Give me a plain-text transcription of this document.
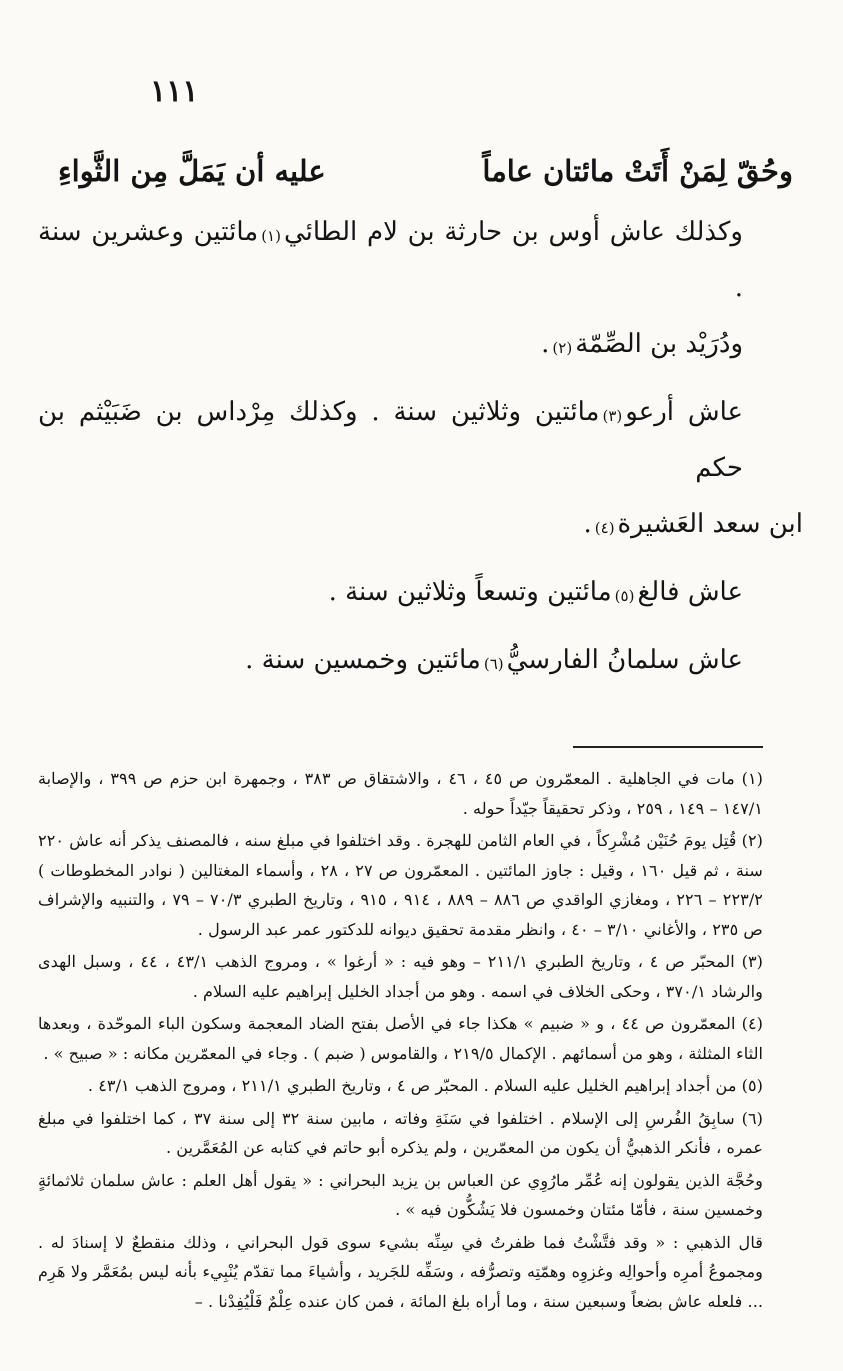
١١١
وحُقّ لِمَنْ أَتَتْ مائتان عاماً
عليه أن يَمَلَّ مِن الثَّواءِ

وكذلك عاش أوس بن حارثة بن لام الطائي$^{(١)}$مائتين وعشرين سنة .

ودُرَيْد بن الصِّمّة$^{(٢)}$.

عاش أرعو$^{(٣)}$مائتين وثلاثين سنة . وكذلك مِرْداس بن ضَبَيْثم بن حكم

ابن سعد العَشيرة$^{(٤)}$.

عاش فالغ$^{(٥)}$مائتين وتسعاً وثلاثين سنة .

عاش سلمانُ الفارسيُّ$^{(٦)}$مائتين وخمسين سنة .

(١) مات في الجاهلية . المعمّرون ص ٤٥ ، ٤٦ ، والاشتقاق ص ٣٨٣ ، وجمهرة ابن حزم ص ٣٩٩ ، والإصابة ١٤٧/١ – ١٤٩ ، ٢٥٩ ، وذكر تحقيقاً جيّداً حوله .

(٢) قُتِل يومَ حُنَيْن مُشْرِكاً ، في العام الثامن للهجرة . وقد اختلفوا في مبلغ سنه ، فالمصنف يذكر أنه عاش ٢٢٠ سنة ، ثم قيل ١٦٠ ، وقيل : جاوز المائتين . المعمّرون ص ٢٧ ، ٢٨ ، وأسماء المغتالين ( نوادر المخطوطات ) ٢٢٣/٢ – ٢٢٦ ، ومغازي الواقدي ص ٨٨٦ – ٨٨٩ ، ٩١٤ ، ٩١٥ ، وتاريخ الطبري ٧٠/٣ – ٧٩ ، والتنبيه والإشراف ص ٢٣٥ ، والأغاني ٣/١٠ – ٤٠ ، وانظر مقدمة تحقيق ديوانه للدكتور عمر عبد الرسول .

(٣) المحبّر ص ٤ ، وتاريخ الطبري ٢١١/١ – وهو فيه : « أرغوا » ، ومروج الذهب ٤٣/١ ، ٤٤ ، وسبل الهدى والرشاد ٣٧٠/١ ، وحكى الخلاف في اسمه . وهو من أجداد الخليل إبراهيم عليه السلام .

(٤) المعمّرون ص ٤٤ ، و « ضبيم » هكذا جاء في الأصل بفتح الضاد المعجمة وسكون الباء الموحّدة ، وبعدها الثاء المثلثة ، وهو من أسمائهم . الإكمال ٢١٩/٥ ، والقاموس ( ضبم ) . وجاء في المعمّرين مكانه : « صبيح » .

(٥) من أجداد إبراهيم الخليل عليه السلام . المحبّر ص ٤ ، وتاريخ الطبري ٢١١/١ ، ومروج الذهب ٤٣/١ .

(٦) سابِقُ الفُرسِ إلى الإسلام . اختلفوا في سَنَةِ وفاته ، مابين سنة ٣٢ إلى سنة ٣٧ ، كما اختلفوا في مبلغ عمره ، فأنكر الذهبيُّ أن يكون من المعمّرين ، ولم يذكره أبو حاتم في كتابه عن المُعَمَّرين .

وحُجَّة الذين يقولون إنه عُمِّر مارُوِي عن العباس بن يزيد البحراني : « يقول أهل العلم : عاش سلمان ثلاثمائةٍ وخمسين سنة ، فأمّا مئتان وخمسون فلا يَشُكُّون فيه » .

قال الذهبي : « وقد فتَّشْتُ فما ظفرتُ في سِنِّه بشيء سوى قول البحراني ، وذلك منقطعٌ لا إسنادَ له . ومجموعُ أمرِه وأحوالِه وغزوِه وهمّتِه وتصرُّفه ، وسَفِّه للجَريد ، وأشياءَ مما تقدّم يُنْبِيء بأنه ليس بمُعَمَّر ولا هَرِم ... فلعله عاش بضعاً وسبعين سنة ، وما أراه بلغ المائة ، فمن كان عنده عِلْمٌ فَلْيُفِدْنا . –
